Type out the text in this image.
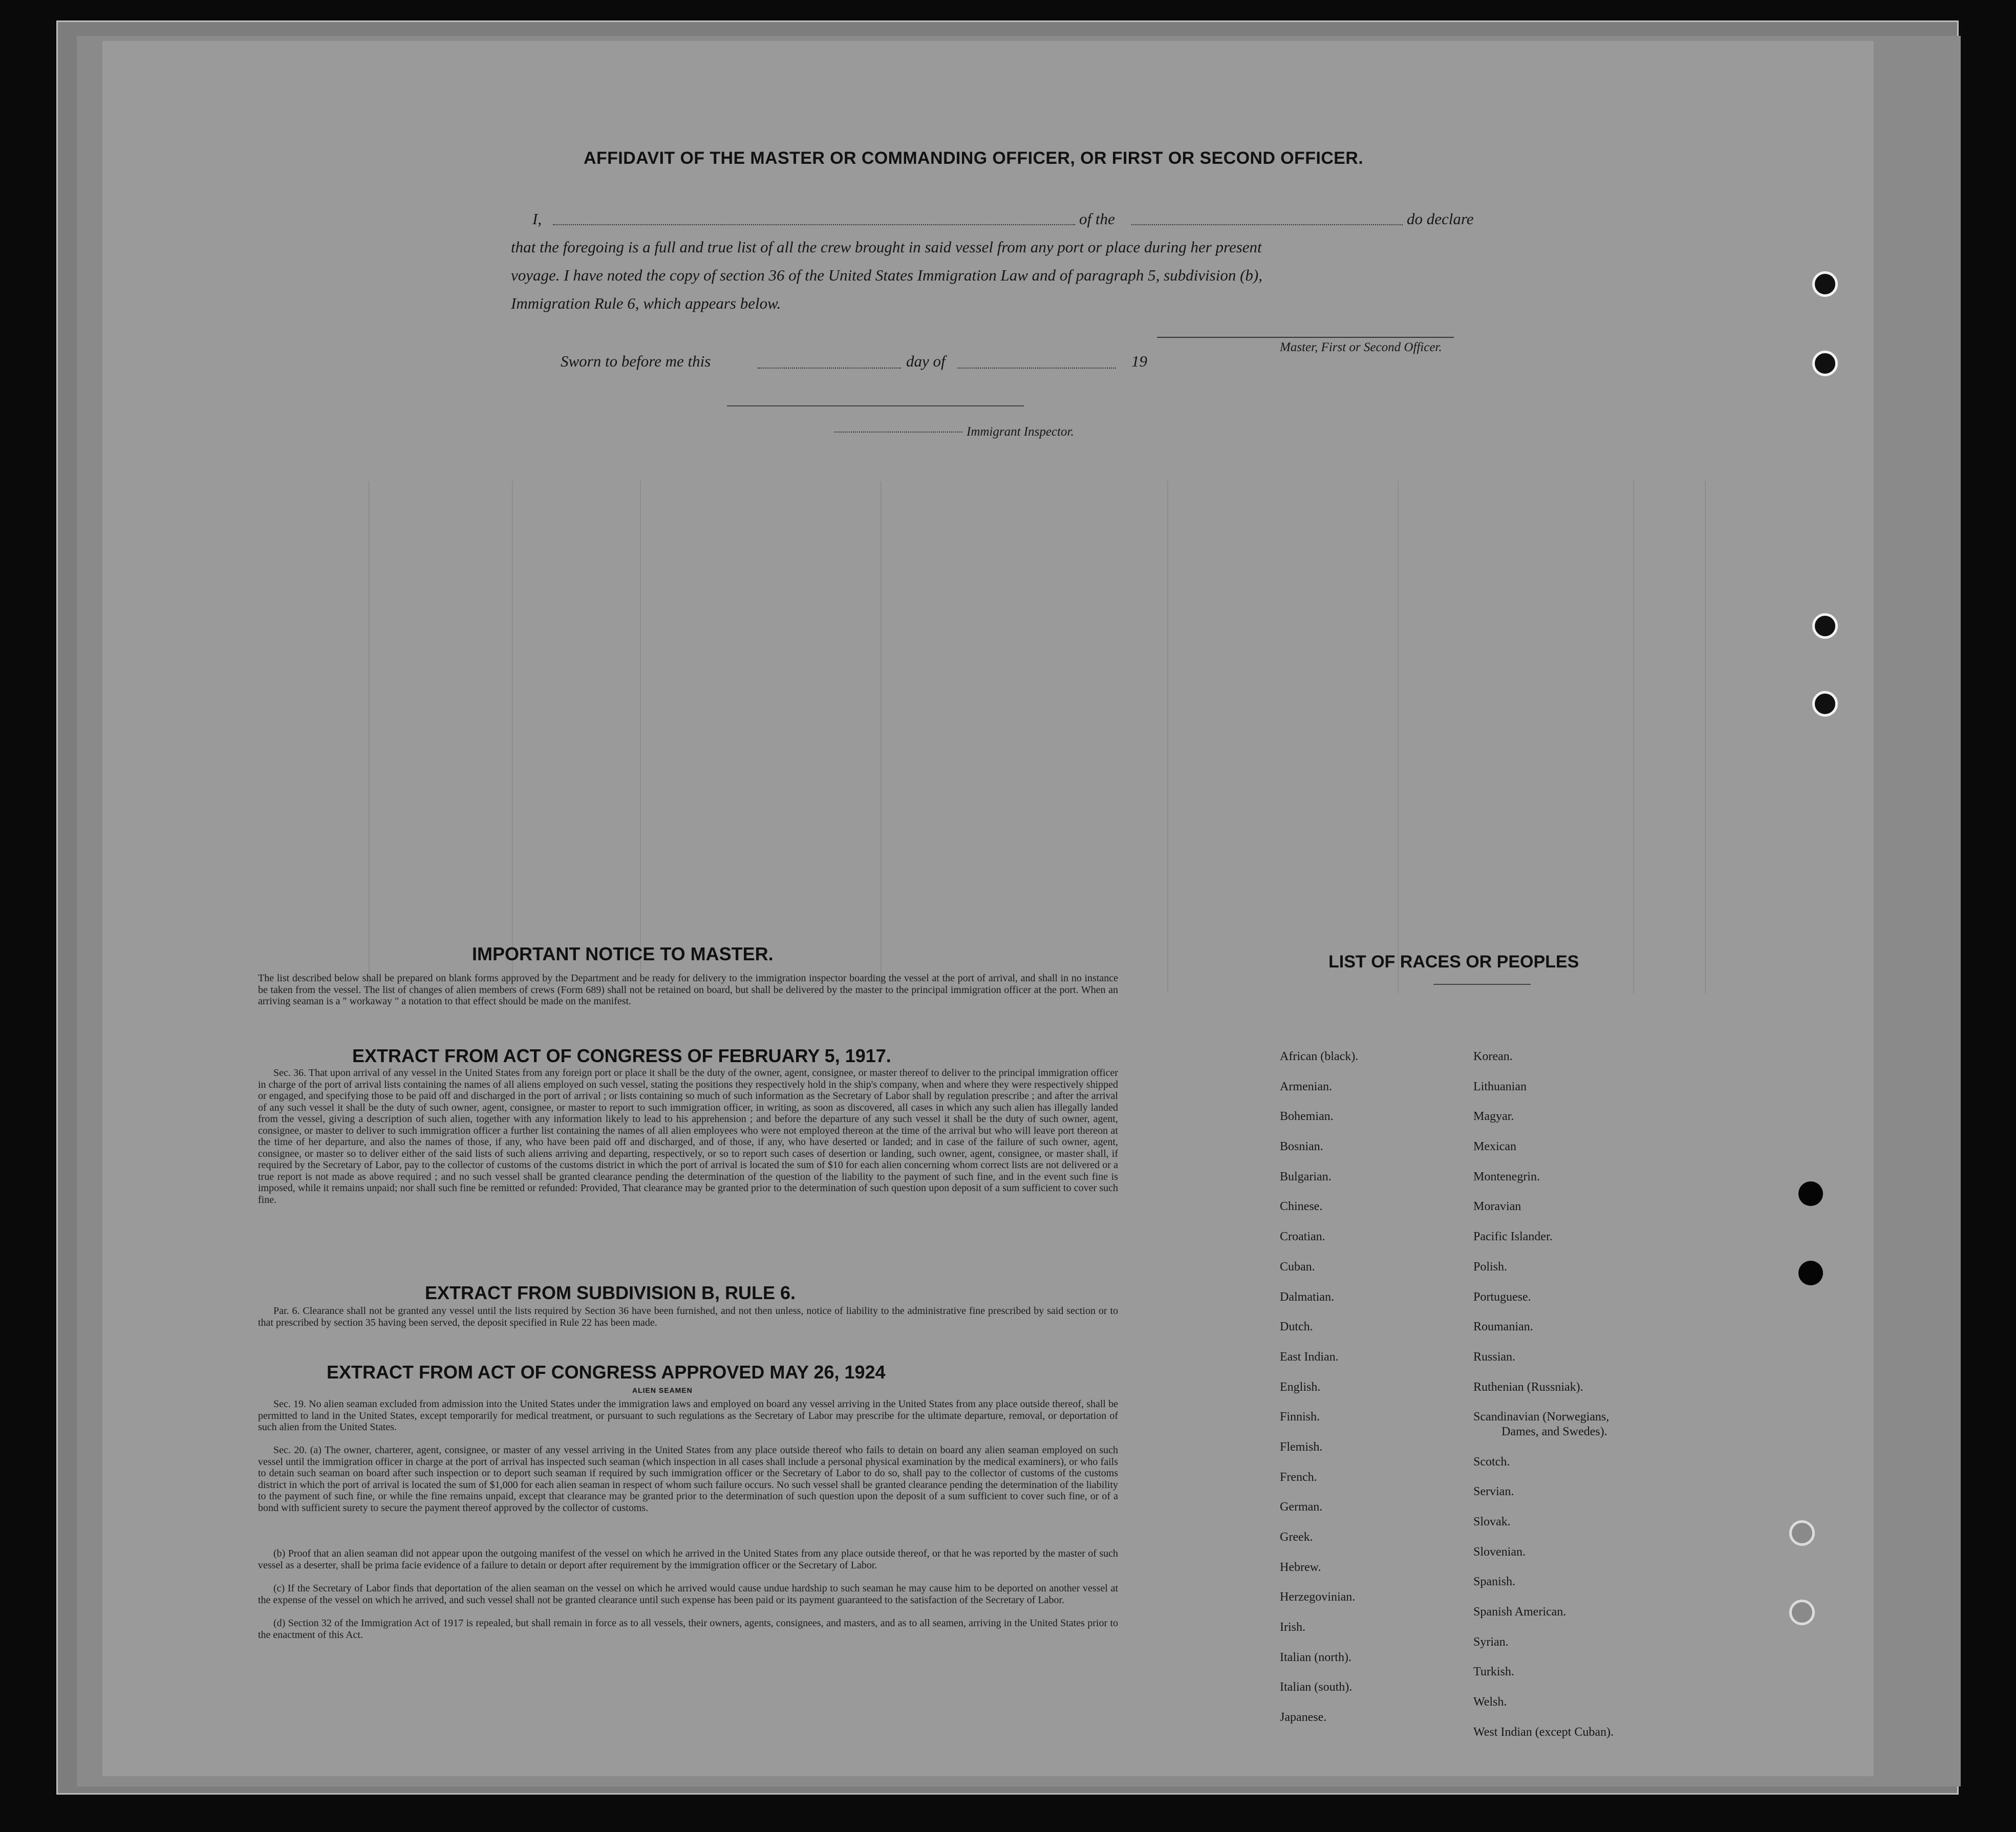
AFFIDAVIT OF THE MASTER OR COMMANDING OFFICER, OR FIRST OR SECOND OFFICER.
I,	of the	do declare
that the foregoing is a full and true list of all the crew brought in said vessel from any port or place during her present
voyage. I have noted the copy of section 36 of the United States Immigration Law and of paragraph 5, subdivision (b),
Immigration Rule 6, which appears below.
Master, First or Second Officer.
Sworn to before me this	day of	19
Immigrant Inspector.
IMPORTANT NOTICE TO MASTER.
The list described below shall be prepared on blank forms approved by the Department and be ready for delivery to the immigration inspector boarding the vessel at the port of arrival, and shall in no instance be taken from the vessel. The list of changes of alien members of crews (Form 689) shall not be retained on board, but shall be delivered by the master to the principal immigration officer at the port. When an arriving seaman is a " workaway " a notation to that effect should be made on the manifest.
EXTRACT FROM ACT OF CONGRESS OF FEBRUARY 5, 1917.
Sec. 36. That upon arrival of any vessel in the United States from any foreign port or place it shall be the duty of the owner, agent, consignee, or master thereof to deliver to the principal immigration officer in charge of the port of arrival lists containing the names of all aliens employed on such vessel, stating the positions they respectively hold in the ship's company, when and where they were respectively shipped or engaged, and specifying those to be paid off and discharged in the port of arrival ; or lists containing so much of such information as the Secretary of Labor shall by regulation prescribe ; and after the arrival of any such vessel it shall be the duty of such owner, agent, consignee, or master to report to such immigration officer, in writing, as soon as discovered, all cases in which any such alien has illegally landed from the vessel, giving a description of such alien, together with any information likely to lead to his apprehension ; and before the departure of any such vessel it shall be the duty of such owner, agent, consignee, or master to deliver to such immigration officer a further list containing the names of all alien employees who were not employed thereon at the time of the arrival but who will leave port thereon at the time of her departure, and also the names of those, if any, who have been paid off and discharged, and of those, if any, who have deserted or landed; and in case of the failure of such owner, agent, consignee, or master so to deliver either of the said lists of such aliens arriving and departing, respectively, or so to report such cases of desertion or landing, such owner, agent, consignee, or master shall, if required by the Secretary of Labor, pay to the collector of customs of the customs district in which the port of arrival is located the sum of $10 for each alien concerning whom correct lists are not delivered or a true report is not made as above required ; and no such vessel shall be granted clearance pending the determination of the question of the liability to the payment of such fine, and in the event such fine is imposed, while it remains unpaid; nor shall such fine be remitted or refunded: Provided, That clearance may be granted prior to the determination of such question upon deposit of a sum sufficient to cover such fine.
EXTRACT FROM SUBDIVISION B, RULE 6.
Par. 6. Clearance shall not be granted any vessel until the lists required by Section 36 have been furnished, and not then unless, notice of liability to the administrative fine prescribed by said section or to that prescribed by section 35 having been served, the deposit specified in Rule 22 has been made.
EXTRACT FROM ACT OF CONGRESS APPROVED MAY 26, 1924
ALIEN SEAMEN
Sec. 19. No alien seaman excluded from admission into the United States under the immigration laws and employed on board any vessel arriving in the United States from any place outside thereof, shall be permitted to land in the United States, except temporarily for medical treatment, or pursuant to such regulations as the Secretary of Labor may prescribe for the ultimate departure, removal, or deportation of such alien from the United States.
Sec. 20. (a) The owner, charterer, agent, consignee, or master of any vessel arriving in the United States from any place outside thereof who fails to detain on board any alien seaman employed on such vessel until the immigration officer in charge at the port of arrival has inspected such seaman (which inspection in all cases shall include a personal physical examination by the medical examiners), or who fails to detain such seaman on board after such inspection or to deport such seaman if required by such immigration officer or the Secretary of Labor to do so, shall pay to the collector of customs of the customs district in which the port of arrival is located the sum of $1,000 for each alien seaman in respect of whom such failure occurs. No such vessel shall be granted clearance pending the determination of the liability to the payment of such fine, or while the fine remains unpaid, except that clearance may be granted prior to the determination of such question upon the deposit of a sum sufficient to cover such fine, or of a bond with sufficient surety to secure the payment thereof approved by the collector of customs.
(b) Proof that an alien seaman did not appear upon the outgoing manifest of the vessel on which he arrived in the United States from any place outside thereof, or that he was reported by the master of such vessel as a deserter, shall be prima facie evidence of a failure to detain or deport after requirement by the immigration officer or the Secretary of Labor.
(c) If the Secretary of Labor finds that deportation of the alien seaman on the vessel on which he arrived would cause undue hardship to such seaman he may cause him to be deported on another vessel at the expense of the vessel on which he arrived, and such vessel shall not be granted clearance until such expense has been paid or its payment guaranteed to the satisfaction of the Secretary of Labor.
(d) Section 32 of the Immigration Act of 1917 is repealed, but shall remain in force as to all vessels, their owners, agents, consignees, and masters, and as to all seamen, arriving in the United States prior to the enactment of this Act.
LIST OF RACES OR PEOPLES
African (black).
Armenian.
Bohemian.
Bosnian.
Bulgarian.
Chinese.
Croatian.
Cuban.
Dalmatian.
Dutch.
East Indian.
English.
Finnish.
Flemish.
French.
German.
Greek.
Hebrew.
Herzegovinian.
Irish.
Italian (north).
Italian (south).
Japanese.
Korean.
Lithuanian
Magyar.
Mexican
Montenegrin.
Moravian
Pacific Islander.
Polish.
Portuguese.
Roumanian.
Russian.
Ruthenian (Russniak).
Scandinavian (Norwegians,
Dames, and Swedes).
Scotch.
Servian.
Slovak.
Slovenian.
Spanish.
Spanish American.
Syrian.
Turkish.
Welsh.
West Indian (except Cuban).
